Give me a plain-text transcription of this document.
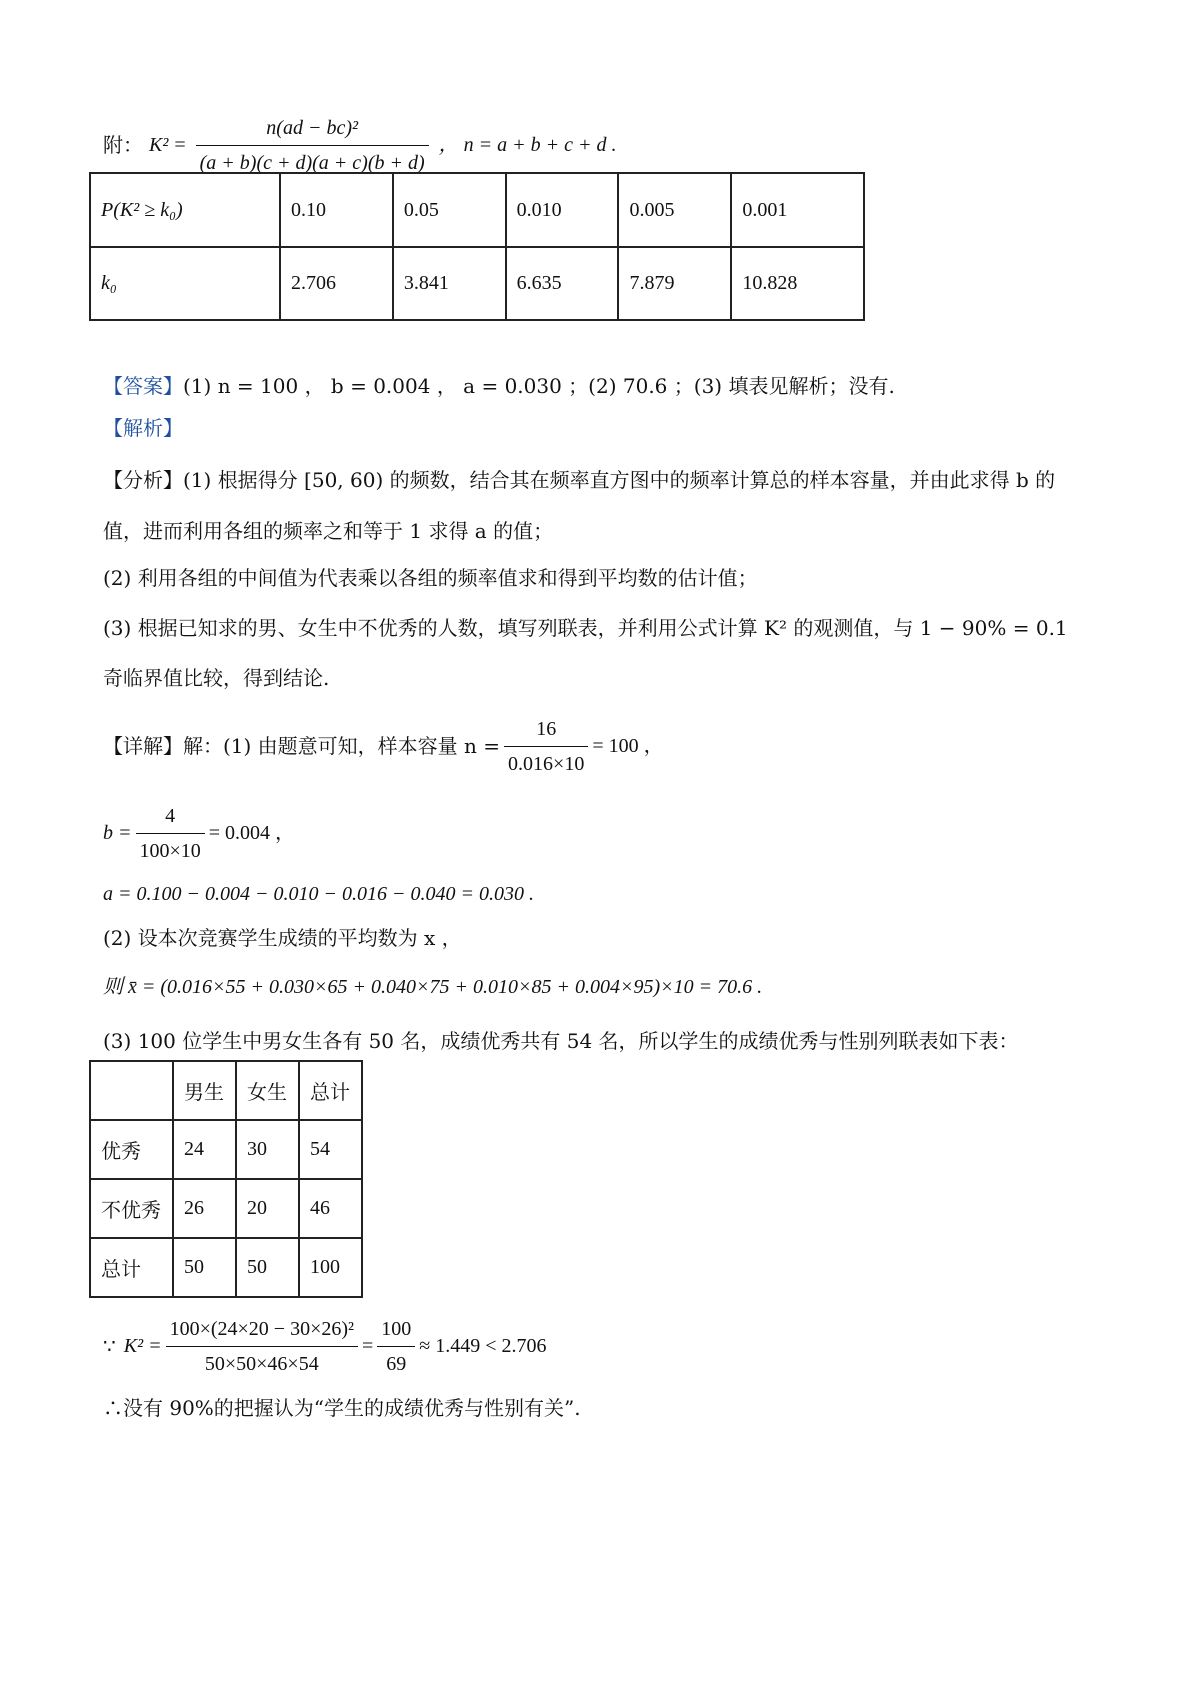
附： $K^2 = \frac{\text{n(ad − bc)²}}{(a + b)(c + d)(a + c)(b + d)}$ ， n = a + b + c + d .
P(K² ≥ k₀)	0.10	0.05	0.010	0.005	0.001
k₀	2.706	3.841	6.635	7.879	10.828
【答案】(1) n = 100 ， b = 0.004 ， a = 0.030 ；(2) 70.6 ；(3) 填表见解析；没有.
【解析】
【分析】(1) 根据得分 [50, 60) 的频数，结合其在频率直方图中的频率计算总的样本容量，并由此求得 b 的
值，进而利用各组的频率之和等于 1 求得 a 的值；
(2) 利用各组的中间值为代表乘以各组的频率值求和得到平均数的估计值；
(3) 根据已知求的男、女生中不优秀的人数，填写列联表，并利用公式计算 K² 的观测值，与 1 − 90% = 0.1
奇临界值比较，得到结论.
【详解】 解：(1) 由题意可知，样本容量 $n = \frac{16}{0.016\times 10} = 100$ ，
$b = \frac{4}{100\times 10} = 0.004$ ，
a = 0.100 − 0.004 − 0.010 − 0.016 − 0.040 = 0.030 .
(2) 设本次竞赛学生成绩的平均数为 x ，
则 x̄ = (0.016×55 + 0.030×65 + 0.040×75 + 0.010×85 + 0.004×95)×10 = 70.6 .
(3) 100 位学生中男女生各有 50 名，成绩优秀共有 54 名，所以学生的成绩优秀与性别列联表如下表：
	男生	女生	总计
优秀	24	30	54
不优秀	26	20	46
总计	50	50	100
∵ $K^2 = \frac{\text{100×(24×20 − 30×26)²}}{50\times 50\times 46\times 54} = \frac{100}{69} \approx 1.449 < 2.706$
∴没有 90%的把握认为“学生的成绩优秀与性别有关”.
